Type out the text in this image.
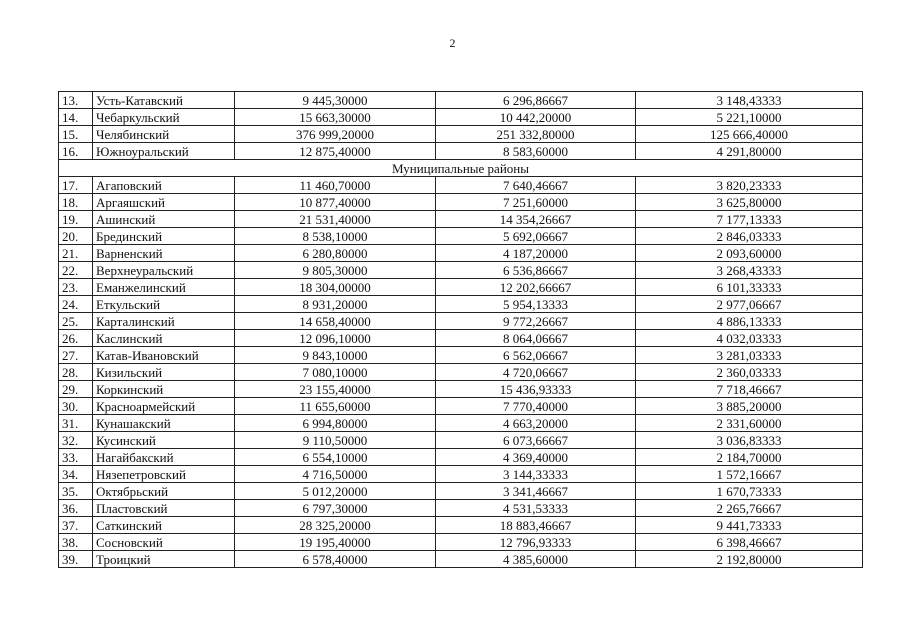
2
13.	Усть-Катавский	9 445,30000	6 296,86667	3 148,43333
14.	Чебаркульский	15 663,30000	10 442,20000	5 221,10000
15.	Челябинский	376 999,20000	251 332,80000	125 666,40000
16.	Южноуральский	12 875,40000	8 583,60000	4 291,80000
Муниципальные районы				
17.	Агаповский	11 460,70000	7 640,46667	3 820,23333
18.	Аргаяшский	10 877,40000	7 251,60000	3 625,80000
19.	Ашинский	21 531,40000	14 354,26667	7 177,13333
20.	Брединский	8 538,10000	5 692,06667	2 846,03333
21.	Варненский	6 280,80000	4 187,20000	2 093,60000
22.	Верхнеуральский	9 805,30000	6 536,86667	3 268,43333
23.	Еманжелинский	18 304,00000	12 202,66667	6 101,33333
24.	Еткульский	8 931,20000	5 954,13333	2 977,06667
25.	Карталинский	14 658,40000	9 772,26667	4 886,13333
26.	Каслинский	12 096,10000	8 064,06667	4 032,03333
27.	Катав-Ивановский	9 843,10000	6 562,06667	3 281,03333
28.	Кизильский	7 080,10000	4 720,06667	2 360,03333
29.	Коркинский	23 155,40000	15 436,93333	7 718,46667
30.	Красноармейский	11 655,60000	7 770,40000	3 885,20000
31.	Кунашакский	6 994,80000	4 663,20000	2 331,60000
32.	Кусинский	9 110,50000	6 073,66667	3 036,83333
33.	Нагайбакский	6 554,10000	4 369,40000	2 184,70000
34.	Нязепетровский	4 716,50000	3 144,33333	1 572,16667
35.	Октябрьский	5 012,20000	3 341,46667	1 670,73333
36.	Пластовский	6 797,30000	4 531,53333	2 265,76667
37.	Саткинский	28 325,20000	18 883,46667	9 441,73333
38.	Сосновский	19 195,40000	12 796,93333	6 398,46667
39.	Троицкий	6 578,40000	4 385,60000	2 192,80000
